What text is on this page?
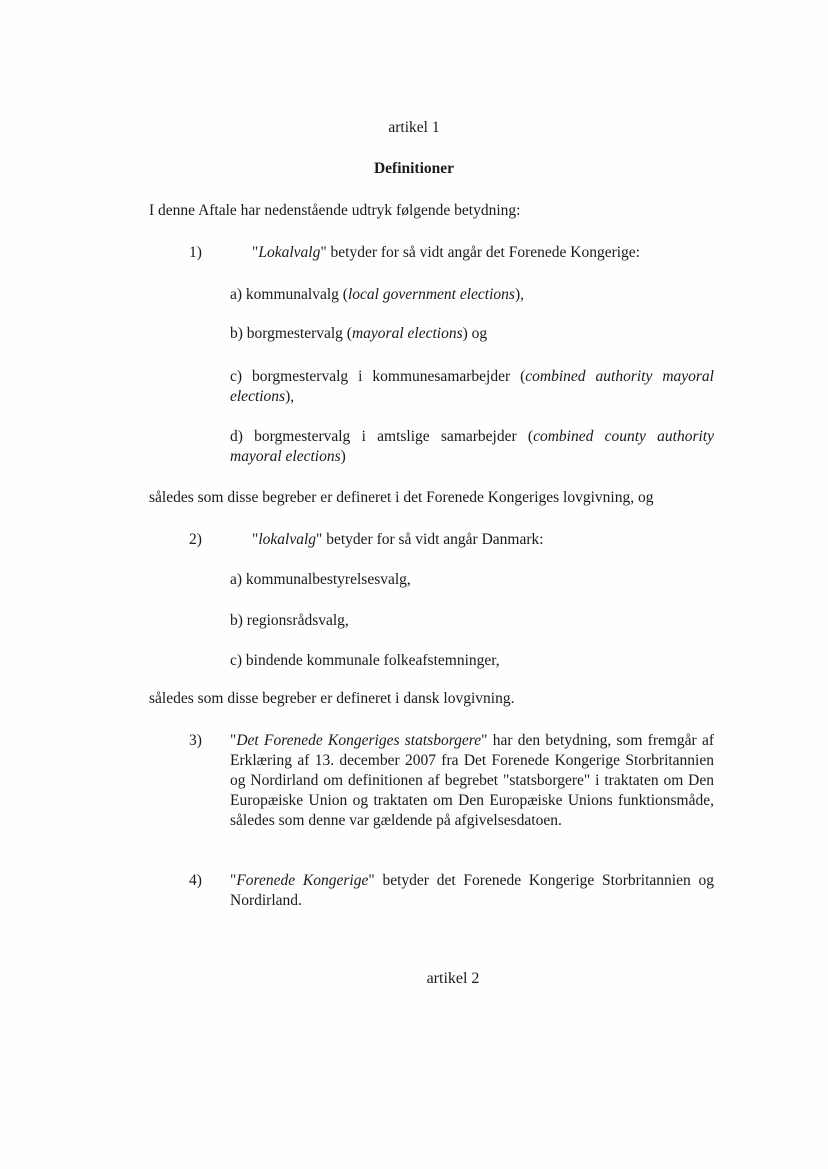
artikel 1

Definitioner

I denne Aftale har nedenstående udtryk følgende betydning:

1)	"Lokalvalg" betyder for så vidt angår det Forenede Kongerige:

a) kommunalvalg (local government elections),

b) borgmestervalg (mayoral elections) og

c) borgmestervalg i kommunesamarbejder (combined authority mayoral

elections),

d) borgmestervalg i amtslige samarbejder (combined county authority

mayoral elections)

således som disse begreber er defineret i det Forenede Kongeriges lovgivning, og

2)	"lokalvalg" betyder for så vidt angår Danmark:

a) kommunalbestyrelsesvalg,

b) regionsrådsvalg,

c) bindende kommunale folkeafstemninger,

således som disse begreber er defineret i dansk lovgivning.

3)	"Det Forenede Kongeriges statsborgere" har den betydning, som fremgår af Erklæring af 13. december 2007 fra Det Forenede Kongerige Storbritannien og Nordirland om definitionen af begrebet "statsborgere" i traktaten om Den Europæiske Union og traktaten om Den Europæiske Unions funktionsmåde, således som denne var gældende på afgivelsesdatoen.

4)	"Forenede Kongerige" betyder det Forenede Kongerige Storbritannien og Nordirland.

artikel 2
